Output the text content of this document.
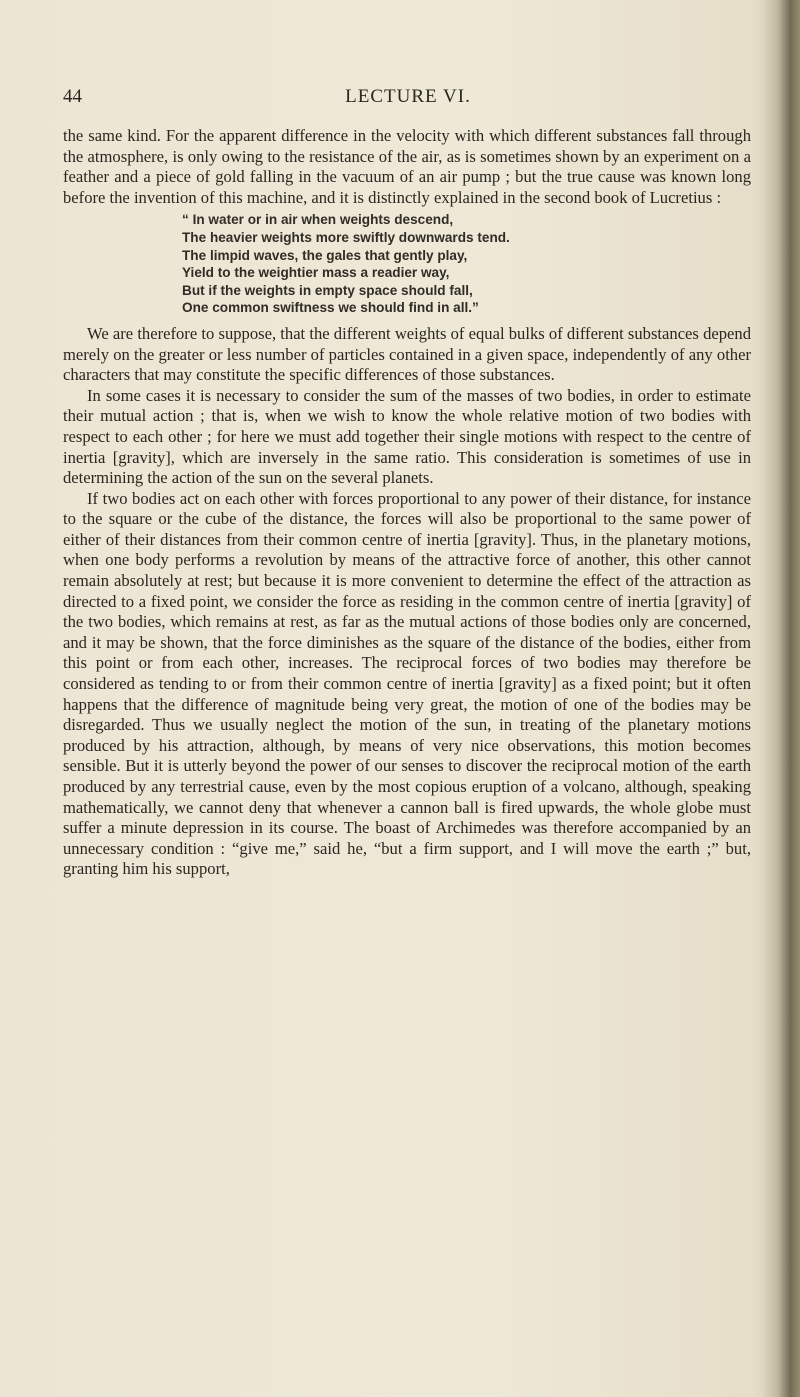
44	LECTURE VI.

the same kind. For the apparent difference in the velocity with which different substances fall through the atmosphere, is only owing to the resistance of the air, as is sometimes shown by an experiment on a feather and a piece of gold falling in the vacuum of an air pump ; but the true cause was known long before the invention of this machine, and it is distinctly explained in the second book of Lucretius :

“ In water or in air when weights descend,
The heavier weights more swiftly downwards tend.
The limpid waves, the gales that gently play,
Yield to the weightier mass a readier way,
But if the weights in empty space should fall,
One common swiftness we should find in all.”

We are therefore to suppose, that the different weights of equal bulks of different substances depend merely on the greater or less number of particles contained in a given space, independently of any other characters that may constitute the specific differences of those substances.

In some cases it is necessary to consider the sum of the masses of two bodies, in order to estimate their mutual action ; that is, when we wish to know the whole relative motion of two bodies with respect to each other ; for here we must add together their single motions with respect to the centre of inertia [gravity], which are inversely in the same ratio. This consideration is sometimes of use in determining the action of the sun on the several planets.

If two bodies act on each other with forces proportional to any power of their distance, for instance to the square or the cube of the distance, the forces will also be proportional to the same power of either of their distances from their common centre of inertia [gravity]. Thus, in the planetary motions, when one body performs a revolution by means of the attractive force of another, this other cannot remain absolutely at rest; but because it is more convenient to determine the effect of the attraction as directed to a fixed point, we consider the force as residing in the common centre of inertia [gravity] of the two bodies, which remains at rest, as far as the mutual actions of those bodies only are concerned, and it may be shown, that the force diminishes as the square of the distance of the bodies, either from this point or from each other, increases. The reciprocal forces of two bodies may therefore be considered as tending to or from their common centre of inertia [gravity] as a fixed point; but it often happens that the difference of magnitude being very great, the motion of one of the bodies may be disregarded. Thus we usually neglect the motion of the sun, in treating of the planetary motions produced by his attraction, although, by means of very nice observations, this motion becomes sensible. But it is utterly beyond the power of our senses to discover the reciprocal motion of the earth produced by any terrestrial cause, even by the most copious eruption of a volcano, although, speaking mathematically, we cannot deny that whenever a cannon ball is fired upwards, the whole globe must suffer a minute depression in its course. The boast of Archimedes was therefore accompanied by an unnecessary condition : “give me,” said he, “but a firm support, and I will move the earth ;” but, granting him his support,
